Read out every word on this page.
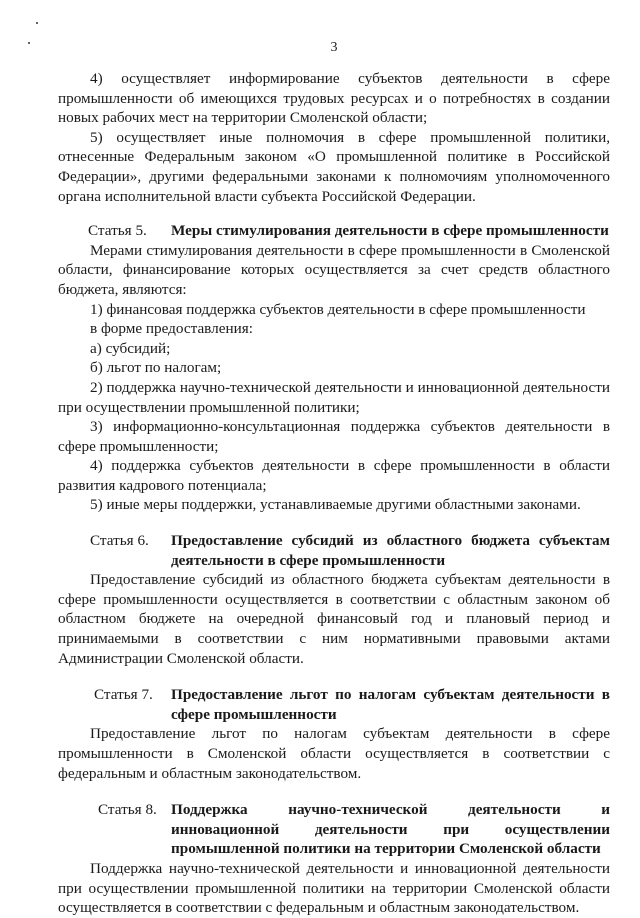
3

4) осуществляет информирование субъектов деятельности в сфере промышленности об имеющихся трудовых ресурсах и о потребностях в создании новых рабочих мест на территории Смоленской области;

5) осуществляет иные полномочия в сфере промышленной политики, отнесенные Федеральным законом «О промышленной политике в Российской Федерации», другими федеральными законами к полномочиям уполномоченного органа исполнительной власти субъекта Российской Федерации.

Статья 5.	Меры стимулирования деятельности в сфере промышленности

Мерами стимулирования деятельности в сфере промышленности в Смоленской области, финансирование которых осуществляется за счет средств областного бюджета, являются:

1) финансовая поддержка субъектов деятельности в сфере промышленности

в форме предоставления:

а) субсидий;

б) льгот по налогам;

2) поддержка научно-технической деятельности и инновационной деятельности при осуществлении промышленной политики;

3) информационно-консультационная поддержка субъектов деятельности в сфере промышленности;

4) поддержка субъектов деятельности в сфере промышленности в области развития кадрового потенциала;

5) иные меры поддержки, устанавливаемые другими областными законами.

Статья 6.	Предоставление субсидий из областного бюджета субъектам деятельности в сфере промышленности

Предоставление субсидий из областного бюджета субъектам деятельности в сфере промышленности осуществляется в соответствии с областным законом об областном бюджете на очередной финансовый год и плановый период и принимаемыми в соответствии с ним нормативными правовыми актами Администрации Смоленской области.

Статья 7.	Предоставление льгот по налогам субъектам деятельности в сфере промышленности

Предоставление льгот по налогам субъектам деятельности в сфере промышленности в Смоленской области осуществляется в соответствии с федеральным и областным законодательством.

Статья 8. Поддержка научно-технической деятельности и инновационной деятельности при осуществлении промышленной политики на территории Смоленской области

Поддержка научно-технической деятельности и инновационной деятельности при осуществлении промышленной политики на территории Смоленской области осуществляется в соответствии с федеральным и областным законодательством.
